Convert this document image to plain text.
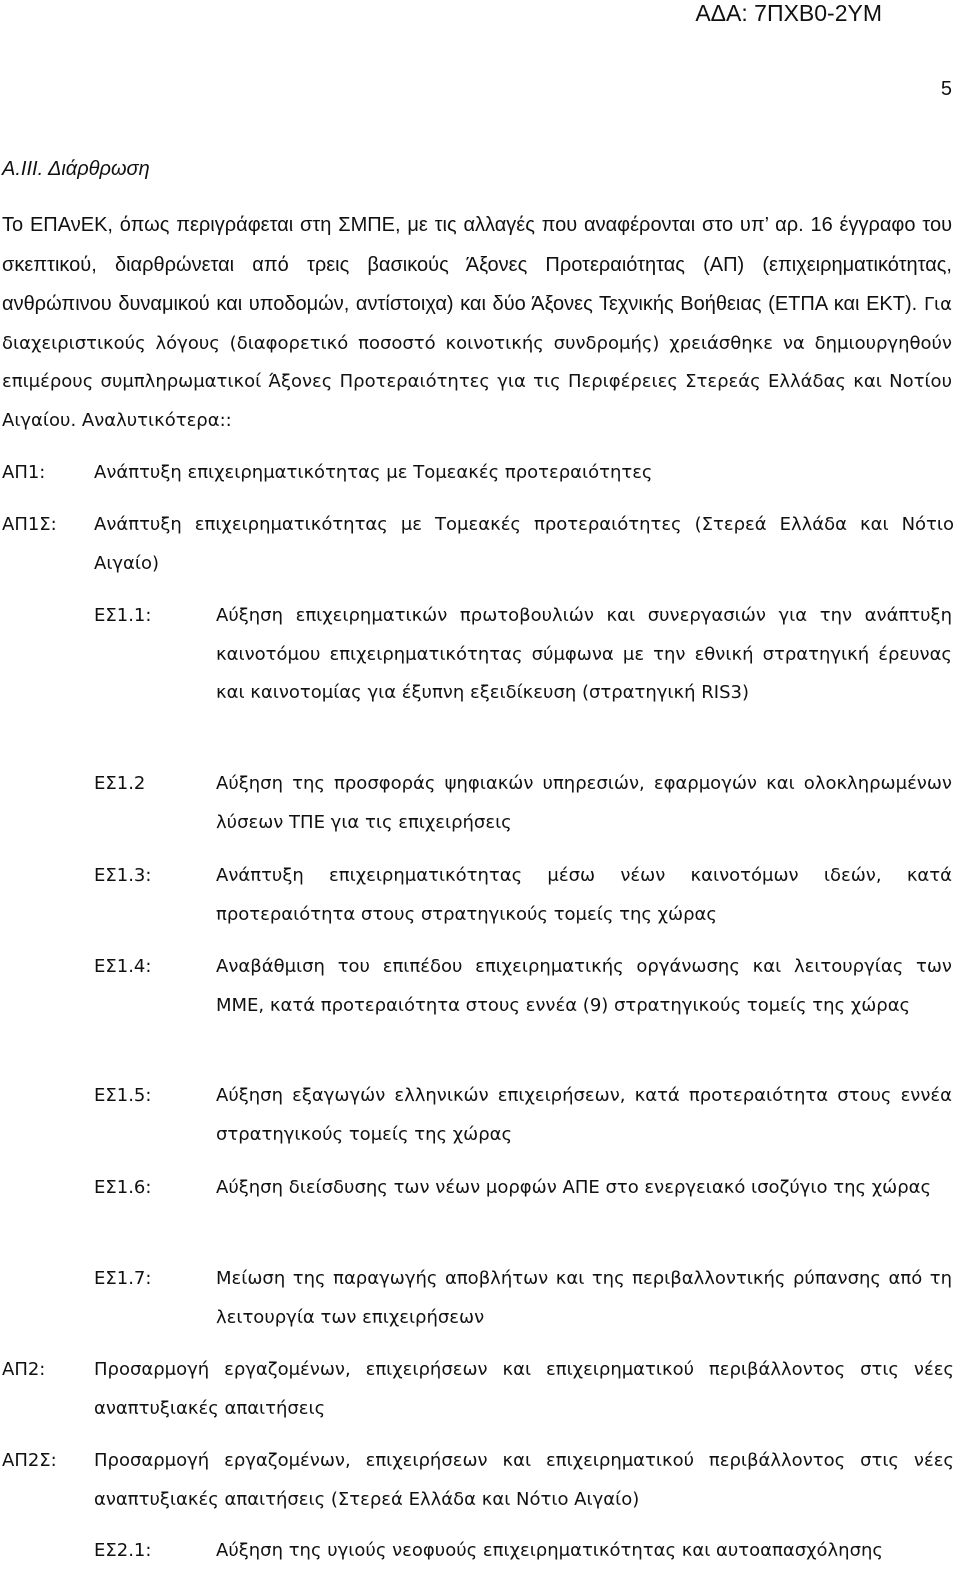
ΑΔΑ: 7ΠΧΒ0-2ΥΜ
5
Α.ΙΙΙ. Διάρθρωση
Το ΕΠΑνΕΚ, όπως περιγράφεται στη ΣΜΠΕ, με τις αλλαγές που αναφέρονται στο υπ’ αρ. 16 έγγραφο του σκεπτικού, διαρθρώνεται από τρεις βασικούς Άξονες Προτεραιότητας (ΑΠ) (επιχειρηματικότητας, ανθρώπινου δυναμικού και υποδομών, αντίστοιχα) και δύο Άξονες Τεχνικής Βοήθειας (ΕΤΠΑ και ΕΚΤ). Για διαχειριστικούς λόγους (διαφορετικό ποσοστό κοινοτικής συνδρομής) χρειάσθηκε να δημιουργηθούν επιμέρους συμπληρωματικοί Άξονες Προτεραιότητες για τις Περιφέρειες Στερεάς Ελλάδας και Νοτίου Αιγαίου. Αναλυτικότερα::
ΑΠ1:	Ανάπτυξη επιχειρηματικότητας με Τομεακές προτεραιότητες
ΑΠ1Σ: Ανάπτυξη επιχειρηματικότητας με Τομεακές προτεραιότητες (Στερεά Ελλάδα και Νότιο Αιγαίο)
ΕΣ1.1:	Αύξηση επιχειρηματικών πρωτοβουλιών και συνεργασιών για την ανάπτυξη καινοτόμου επιχειρηματικότητας σύμφωνα με την εθνική στρατηγική έρευνας και καινοτομίας για έξυπνη εξειδίκευση (στρατηγική RIS3)
ΕΣ1.2	Αύξηση της προσφοράς ψηφιακών υπηρεσιών, εφαρμογών και ολοκληρωμένων λύσεων ΤΠΕ για τις επιχειρήσεις
ΕΣ1.3:	Ανάπτυξη επιχειρηματικότητας μέσω νέων καινοτόμων ιδεών, κατά προτεραιότητα στους στρατηγικούς τομείς της χώρας
ΕΣ1.4:	Αναβάθμιση του επιπέδου επιχειρηματικής οργάνωσης και λειτουργίας των ΜΜΕ, κατά προτεραιότητα στους εννέα (9) στρατηγικούς τομείς της χώρας
ΕΣ1.5:	Αύξηση εξαγωγών ελληνικών επιχειρήσεων, κατά προτεραιότητα στους εννέα στρατηγικούς τομείς της χώρας
ΕΣ1.6:	Αύξηση διείσδυσης των νέων μορφών ΑΠΕ στο ενεργειακό ισοζύγιο της χώρας
ΕΣ1.7:	Μείωση της παραγωγής αποβλήτων και της περιβαλλοντικής ρύπανσης από τη λειτουργία των επιχειρήσεων
ΑΠ2:	Προσαρμογή εργαζομένων, επιχειρήσεων και επιχειρηματικού περιβάλλοντος στις νέες αναπτυξιακές απαιτήσεις
ΑΠ2Σ: Προσαρμογή εργαζομένων, επιχειρήσεων και επιχειρηματικού περιβάλλοντος στις νέες αναπτυξιακές απαιτήσεις (Στερεά Ελλάδα και Νότιο Αιγαίο)
ΕΣ2.1:	Αύξηση της υγιούς νεοφυούς επιχειρηματικότητας και αυτοαπασχόλησης
